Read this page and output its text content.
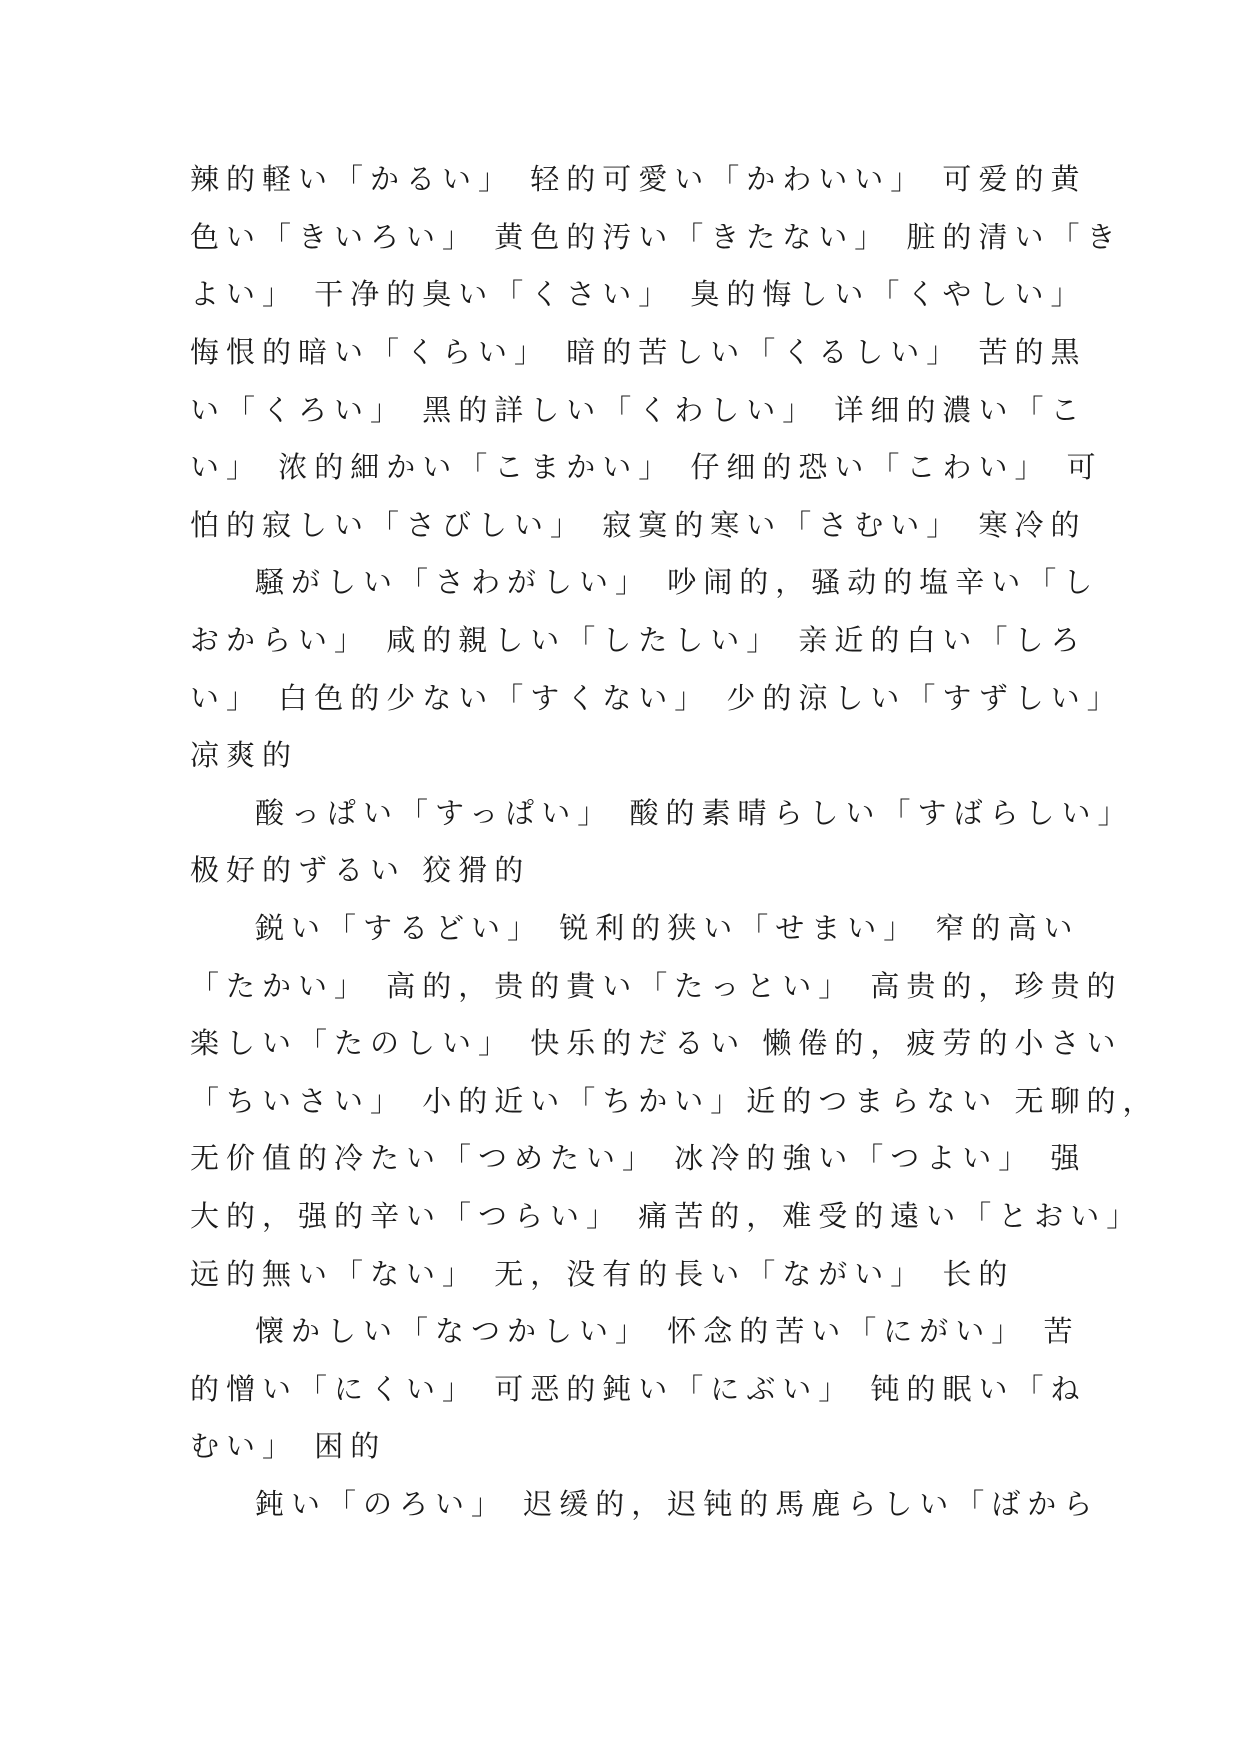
辣的軽い「かるい」 轻的可愛い「かわいい」 可爱的黄
色い「きいろい」 黄色的汚い「きたない」 脏的清い「き
よい」 干净的臭い「くさい」 臭的悔しい「くやしい」
悔恨的暗い「くらい」 暗的苦しい「くるしい」 苦的黒
い「くろい」 黑的詳しい「くわしい」 详细的濃い「こ
い」 浓的細かい「こまかい」 仔细的恐い「こわい」 可
怕的寂しい「さびしい」 寂寞的寒い「さむい」 寒冷的
騒がしい「さわがしい」 吵闹的，骚动的塩辛い「し
おからい」 咸的親しい「したしい」 亲近的白い「しろ
い」 白色的少ない「すくない」 少的涼しい「すずしい」
凉爽的
酸っぱい「すっぱい」 酸的素晴らしい「すばらしい」
极好的ずるい 狡猾的
鋭い「するどい」 锐利的狭い「せまい」 窄的高い
「たかい」 高的，贵的貴い「たっとい」 高贵的，珍贵的
楽しい「たのしい」 快乐的だるい 懒倦的，疲劳的小さい
「ちいさい」 小的近い「ちかい」近的つまらない 无聊的，
无价值的冷たい「つめたい」 冰冷的強い「つよい」 强
大的，强的辛い「つらい」 痛苦的，难受的遠い「とおい」
远的無い「ない」 无，没有的長い「ながい」 长的
懐かしい「なつかしい」 怀念的苦い「にがい」 苦
的憎い「にくい」 可恶的鈍い「にぶい」 钝的眠い「ね
むい」 困的
鈍い「のろい」 迟缓的，迟钝的馬鹿らしい「ばから
